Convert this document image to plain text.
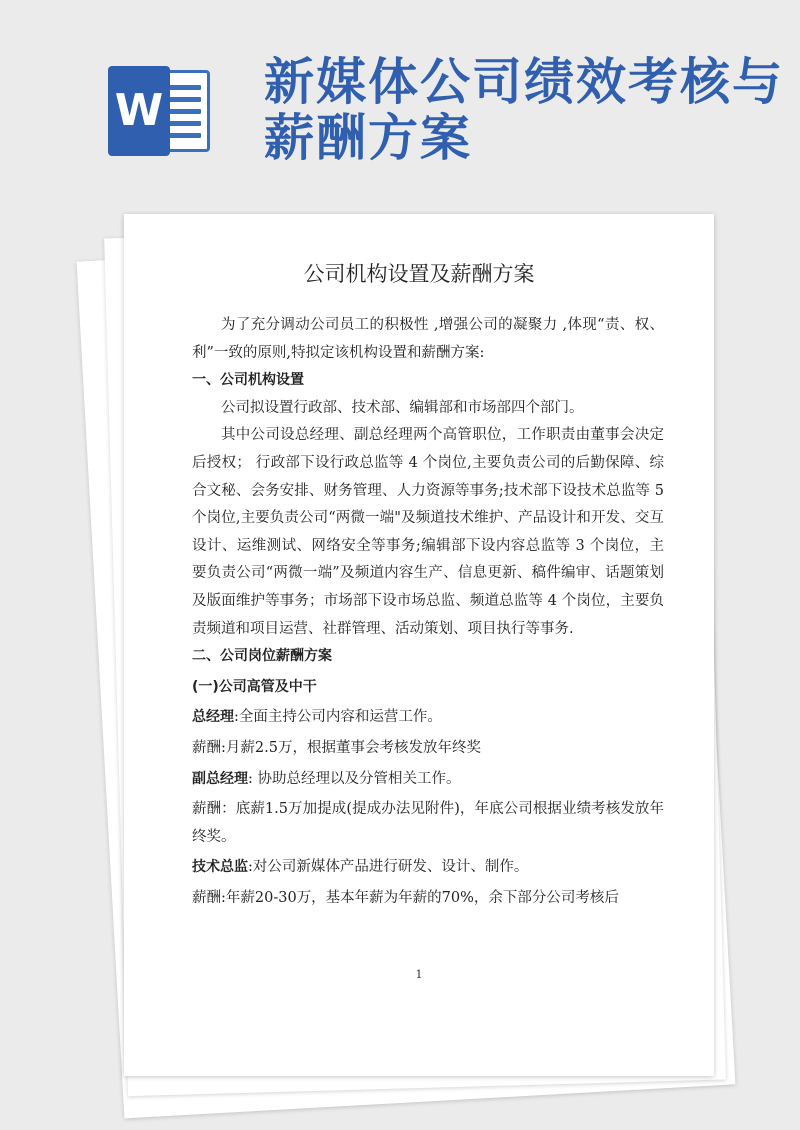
W 新媒体公司绩效考核与薪酬方案
公司机构设置及薪酬方案

为了充分调动公司员工的积极性 ,增强公司的凝聚力 ,体现“责、权、利”一致的原则,特拟定该机构设置和薪酬方案:

一、公司机构设置

公司拟设置行政部、技术部、编辑部和市场部四个部门。

其中公司设总经理、副总经理两个高管职位，工作职责由董事会决定后授权； 行政部下设行政总监等 4 个岗位,主要负责公司的后勤保障、综合文秘、会务安排、财务管理、人力资源等事务;技术部下设技术总监等 5 个岗位,主要负责公司“两微一端"及频道技术维护、产品设计和开发、交互设计、运维测试、网络安全等事务;编辑部下设内容总监等 3 个岗位，主要负责公司“两微一端”及频道内容生产、信息更新、稿件编审、话题策划及版面维护等事务；市场部下设市场总监、频道总监等 4 个岗位，主要负责频道和项目运营、社群管理、活动策划、项目执行等事务.

二、公司岗位薪酬方案

(一)公司高管及中干

总经理:全面主持公司内容和运营工作。

薪酬:月薪2.5万，根据董事会考核发放年终奖

副总经理: 协助总经理以及分管相关工作。

薪酬：底薪1.5万加提成(提成办法见附件)，年底公司根据业绩考核发放年终奖。

技术总监:对公司新媒体产品进行研发、设计、制作。

薪酬:年薪20-30万，基本年薪为年薪的70%，余下部分公司考核后

1
